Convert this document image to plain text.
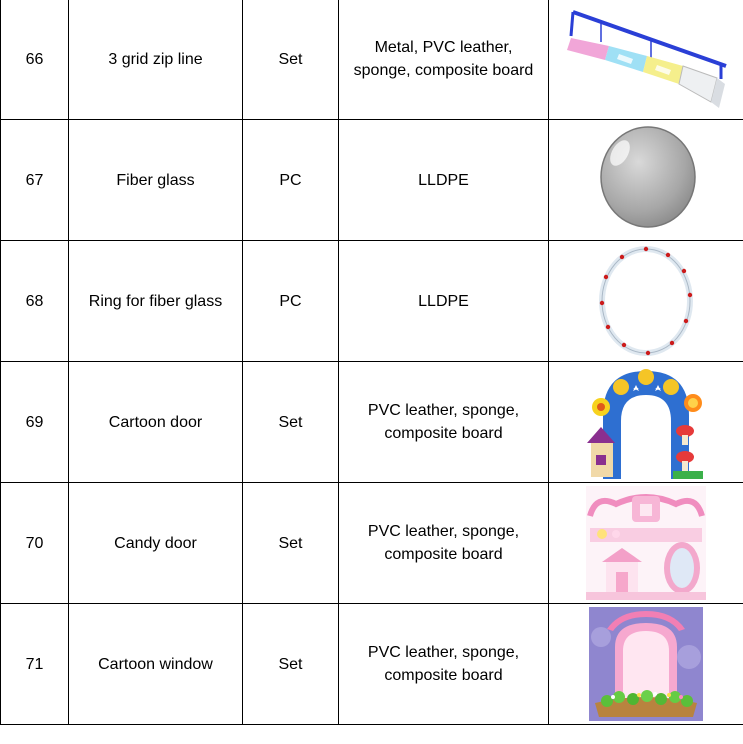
66	3 grid zip line	Set	Metal, PVC leather,
sponge, composite board

67	Fiber glass	PC	LLDPE

68	Ring for fiber glass	PC	LLDPE

69	Cartoon door	Set	PVC leather, sponge,
composite board

70	Candy door	Set	PVC leather, sponge,
composite board

71	Cartoon window	Set	PVC leather, sponge,
composite board
